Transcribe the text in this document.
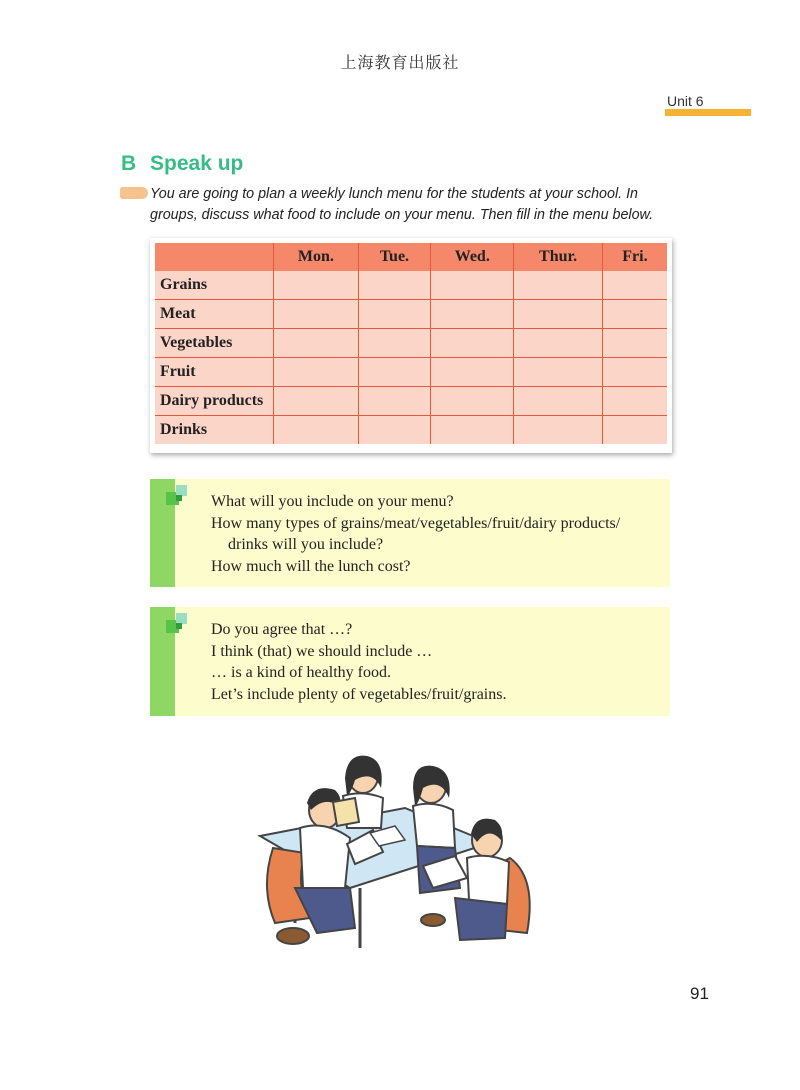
上海教育出版社
Unit 6
B Speak up
You are going to plan a weekly lunch menu for the students at your school. In groups, discuss what food to include on your menu. Then fill in the menu below.
	Mon.	Tue.	Wed.	Thur.	Fri.
Grains					
Meat					
Vegetables					
Fruit					
Dairy products					
Drinks					
What will you include on your menu?
How many types of grains/meat/vegetables/fruit/dairy products/
drinks will you include?
How much will the lunch cost?
Do you agree that …?
I think (that) we should include …
… is a kind of healthy food.
Let’s include plenty of vegetables/fruit/grains.
91
